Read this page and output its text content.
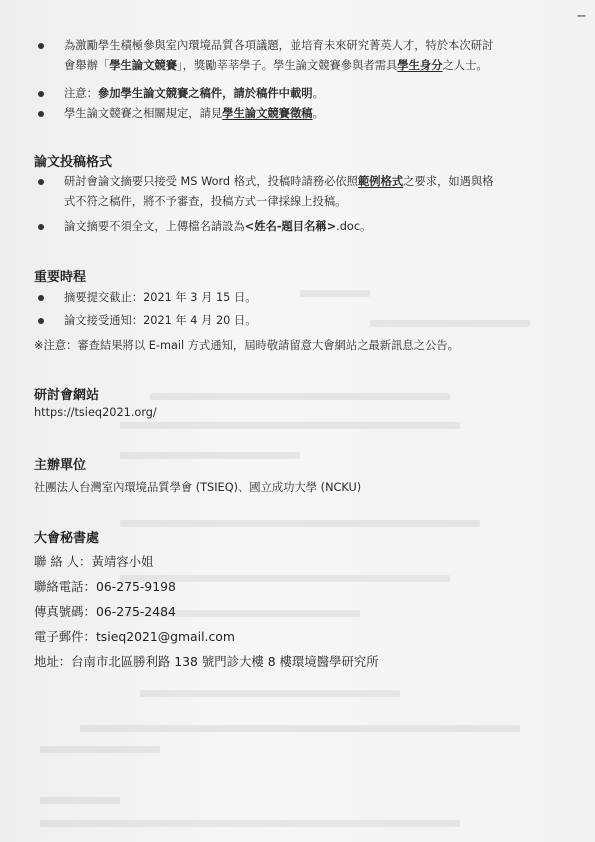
--
為激勵學生積極參與室內環境品質各項議題，並培育未來研究菁英人才，特於本次研討
會舉辦「學生論文競賽」，獎勵莘莘學子。學生論文競賽參與者需具學生身分之人士。
注意：參加學生論文競賽之稿件，請於稿件中載明。
學生論文競賽之相關規定，請見學生論文競賽徵稿。
論文投稿格式
研討會論文摘要只接受 MS Word 格式，投稿時請務必依照範例格式之要求，如遇與格
式不符之稿件，將不予審查，投稿方式一律採線上投稿。
論文摘要不須全文，上傳檔名請設為<姓名-題目名稱>.doc。
重要時程
摘要提交截止：2021 年 3 月 15 日。
論文接受通知：2021 年 4 月 20 日。
※注意：審查結果將以 E-mail 方式通知，屆時敬請留意大會網站之最新訊息之公告。
研討會網站
https://tsieq2021.org/
主辦單位
社團法人台灣室內環境品質學會 (TSIEQ)、國立成功大學 (NCKU)
大會秘書處
聯 絡 人：黃靖容小姐
聯絡電話：06-275-9198
傳真號碼：06-275-2484
電子郵件：tsieq2021@gmail.com
地址：台南市北區勝利路 138 號門診大樓 8 樓環境醫學研究所
